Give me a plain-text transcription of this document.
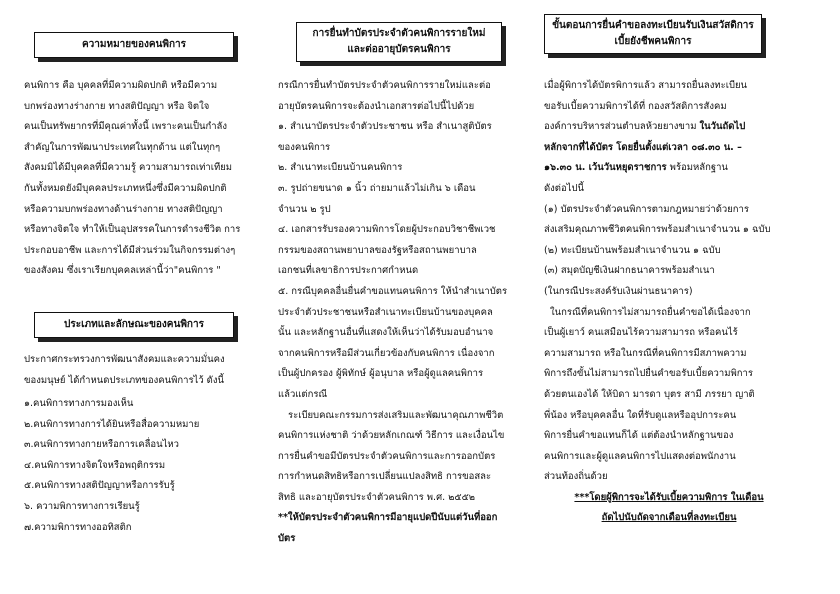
ความหมายของคนพิการ
คนพิการ คือ บุคคลที่มีความผิดปกติ หรือมีความ
บกพร่องทางร่างกาย ทางสติปัญญา หรือ จิตใจ
คนเป็นทรัพยากรที่มีคุณค่าทั้งนี้ เพราะคนเป็นกำลัง
สำคัญในการพัฒนาประเทศในทุกด้าน แต่ในทุกๆ
สังคมมิได้มีบุคคลที่มีความรู้ ความสามารถเท่าเทียม
กันทั้งหมดยังมีบุคคลประเภทหนึ่งซึ่งมีความผิดปกติ
หรือความบกพร่องทางด้านร่างกาย ทางสติปัญญา
หรือทางจิตใจ ทำให้เป็นอุปสรรคในการดำรงชีวิต การ
ประกอบอาชีพ และการได้มีส่วนร่วมในกิจกรรมต่างๆ
ของสังคม ซึ่งเราเรียกบุคคลเหล่านี้ว่า"คนพิการ "
ประเภทและลักษณะของคนพิการ
ประกาศกระทรวงการพัฒนาสังคมและความมั่นคง
ของมนุษย์ ได้กำหนดประเภทของคนพิการไว้ ดังนี้
๑.คนพิการทางการมองเห็น
๒.คนพิการทางการได้ยินหรือสื่อความหมาย
๓.คนพิการทางกายหรือการเคลื่อนไหว
๔.คนพิการทางจิตใจหรือพฤติกรรม
๕.คนพิการทางสติปัญญาหรือการรับรู้
๖. ความพิการทางการเรียนรู้
๗.ความพิการทางออทิสติก
การยื่นทำบัตรประจำตัวคนพิการรายใหม่
และต่ออายุบัตรคนพิการ
กรณีการยื่นทำบัตรประจำตัวคนพิการรายใหม่และต่อ
อายุบัตรคนพิการจะต้องนำเอกสารต่อไปนี้ไปด้วย
๑. สำเนาบัตรประจำตัวประชาชน หรือ สำเนาสูติบัตร
ของคนพิการ
๒. สำเนาทะเบียนบ้านคนพิการ
๓. รูปถ่ายขนาด ๑ นิ้ว ถ่ายมาแล้วไม่เกิน ๖ เดือน
จำนวน ๒ รูป
๔. เอกสารรับรองความพิการโดยผู้ประกอบวิชาชีพเวช
กรรมของสถานพยาบาลของรัฐหรือสถานพยาบาล
เอกชนที่เลขาธิการประกาศกำหนด
๕. กรณีบุคคลอื่นยื่นคำขอแทนคนพิการ ให้นำสำเนาบัตร
ประจำตัวประชาชนหรือสำเนาทะเบียนบ้านของบุคคล
นั้น และหลักฐานอื่นที่แสดงให้เห็นว่าได้รับมอบอำนาจ
จากคนพิการหรือมีส่วนเกี่ยวข้องกับคนพิการ เนื่องจาก
เป็นผู้ปกครอง ผู้พิทักษ์ ผู้อนุบาล หรือผู้ดูแลคนพิการ
แล้วแต่กรณี
ระเบียบคณะกรรมการส่งเสริมและพัฒนาคุณภาพชีวิต
คนพิการแห่งชาติ ว่าด้วยหลักเกณฑ์ วิธีการ และเงื่อนไข
การยื่นคำขอมีบัตรประจำตัวคนพิการและการออกบัตร
การกำหนดสิทธิหรือการเปลี่ยนแปลงสิทธิ การขอสละ
สิทธิ และอายุบัตรประจำตัวคนพิการ พ.ศ. ๒๕๕๒
**ให้บัตรประจำตัวคนพิการมีอายุแปดปีนับแต่วันที่ออก
บัตร
ขั้นตอนการยื่นคำขอลงทะเบียนรับเงินสวัสดิการ
เบี้ยยังชีพคนพิการ
เมื่อผู้พิการได้บัตรพิการแล้ว สามารถยื่นลงทะเบียน
ขอรับเบี้ยความพิการได้ที่ กองสวัสดิการสังคม
องค์การบริหารส่วนตำบลห้วยยางขาม ในวันถัดไป
หลักจากที่ได้บัตร โดยยื่นตั้งแต่เวลา ๐๘.๓๐ น. –
๑๖.๓๐ น. เว้นวันหยุดราชการ พร้อมหลักฐาน
ดังต่อไปนี้
(๑) บัตรประจำตัวคนพิการตามกฎหมายว่าด้วยการ
ส่งเสริมคุณภาพชีวิตคนพิการพร้อมสำเนาจำนวน ๑ ฉบับ
(๒) ทะเบียนบ้านพร้อมสำเนาจำนวน ๑ ฉบับ
(๓) สมุดบัญชีเงินฝากธนาคารพร้อมสำเนา
(ในกรณีประสงค์รับเงินผ่านธนาคาร)
ในกรณีที่คนพิการไม่สามารถยื่นคำขอได้เนื่องจาก
เป็นผู้เยาว์ คนเสมือนไร้ความสามารถ หรือคนไร้
ความสามารถ หรือในกรณีที่คนพิการมีสภาพความ
พิการถึงขั้นไม่สามารถไปยื่นคำขอรับเบี้ยความพิการ
ด้วยตนเองได้ ให้บิดา มารดา บุตร สามี ภรรยา ญาติ
พี่น้อง หรือบุคคลอื่น ใดที่รับดูแลหรืออุปการะคน
พิการยื่นคำขอแทนก็ได้ แต่ต้องนำหลักฐานของ
คนพิการและผู้ดูแลคนพิการไปแสดงต่อพนักงาน
ส่วนท้องถิ่นด้วย
***โดยผู้พิการจะได้รับเบี้ยความพิการ ในเดือน
ถัดไปนับถัดจากเดือนที่ลงทะเบียน
